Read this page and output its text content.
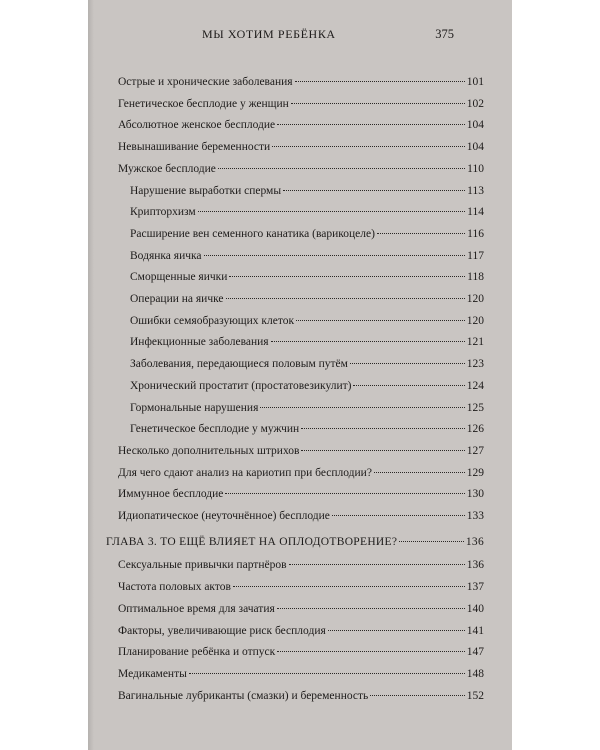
МЫ ХОТИМ РЕБЁНКА	375
Острые и хронические заболевания	101
Генетическое бесплодие у женщин	102
Абсолютное женское бесплодие	104
Невынашивание беременности	104
Мужское бесплодие	110
Нарушение выработки спермы	113
Крипторхизм	114
Расширение вен семенного канатика (варикоцеле)	116
Водянка яичка	117
Сморщенные яички	118
Операции на яичке	120
Ошибки семяобразующих клеток	120
Инфекционные заболевания	121
Заболевания, передающиеся половым путём	123
Хронический простатит (простатовезикулит)	124
Гормональные нарушения	125
Генетическое бесплодие у мужчин	126
Несколько дополнительных штрихов	127
Для чего сдают анализ на кариотип при бесплодии?	129
Иммунное бесплодие	130
Идиопатическое (неуточнённое) бесплодие	133
ГЛАВА 3. ТО ЕЩЁ ВЛИЯЕТ НА ОПЛОДОТВОРЕНИЕ?	136
Сексуальные привычки партнёров	136
Частота половых актов	137
Оптимальное время для зачатия	140
Факторы, увеличивающие риск бесплодия	141
Планирование ребёнка и отпуск	147
Медикаменты	148
Вагинальные лубриканты (смазки) и беременность	152
